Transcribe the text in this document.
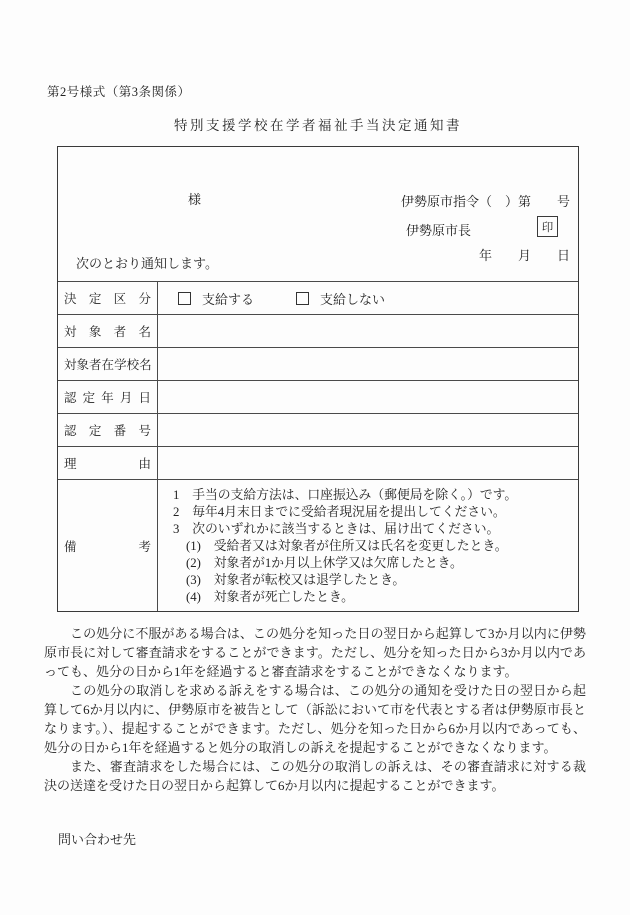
第2号様式（第3条関係）
特別支援学校在学者福祉手当決定通知書

伊勢原市指令（　）第　　号

年　　月　　日

様
伊勢原市長	印
次のとおり通知します。
決 定 区 分	支給する	支給しない
対 象 者 名
対 象 者 在 学 校 名
認 定 年 月 日
認 定 番 号
理	由
備	考
1　手当の支給方法は、口座振込み（郵便局を除く。）です。
2　毎年4月末日までに受給者現況届を提出してください。
3　次のいずれかに該当するときは、届け出てください。
(1)　受給者又は対象者が住所又は氏名を変更したとき。
(2)　対象者が1か月以上休学又は欠席したとき。
(3)　対象者が転校又は退学したとき。
(4)　対象者が死亡したとき。

この処分に不服がある場合は、この処分を知った日の翌日から起算して3か月以内に伊勢原市長に対して審査請求をすることができます。ただし、処分を知った日から3か月以内であっても、処分の日から1年を経過すると審査請求をすることができなくなります。

この処分の取消しを求める訴えをする場合は、この処分の通知を受けた日の翌日から起算して6か月以内に、伊勢原市を被告として（訴訟において市を代表とする者は伊勢原市長となります。）、提起することができます。ただし、処分を知った日から6か月以内であっても、処分の日から1年を経過すると処分の取消しの訴えを提起することができなくなります。

また、審査請求をした場合には、この処分の取消しの訴えは、その審査請求に対する裁決の送達を受けた日の翌日から起算して6か月以内に提起することができます。

問い合わせ先
